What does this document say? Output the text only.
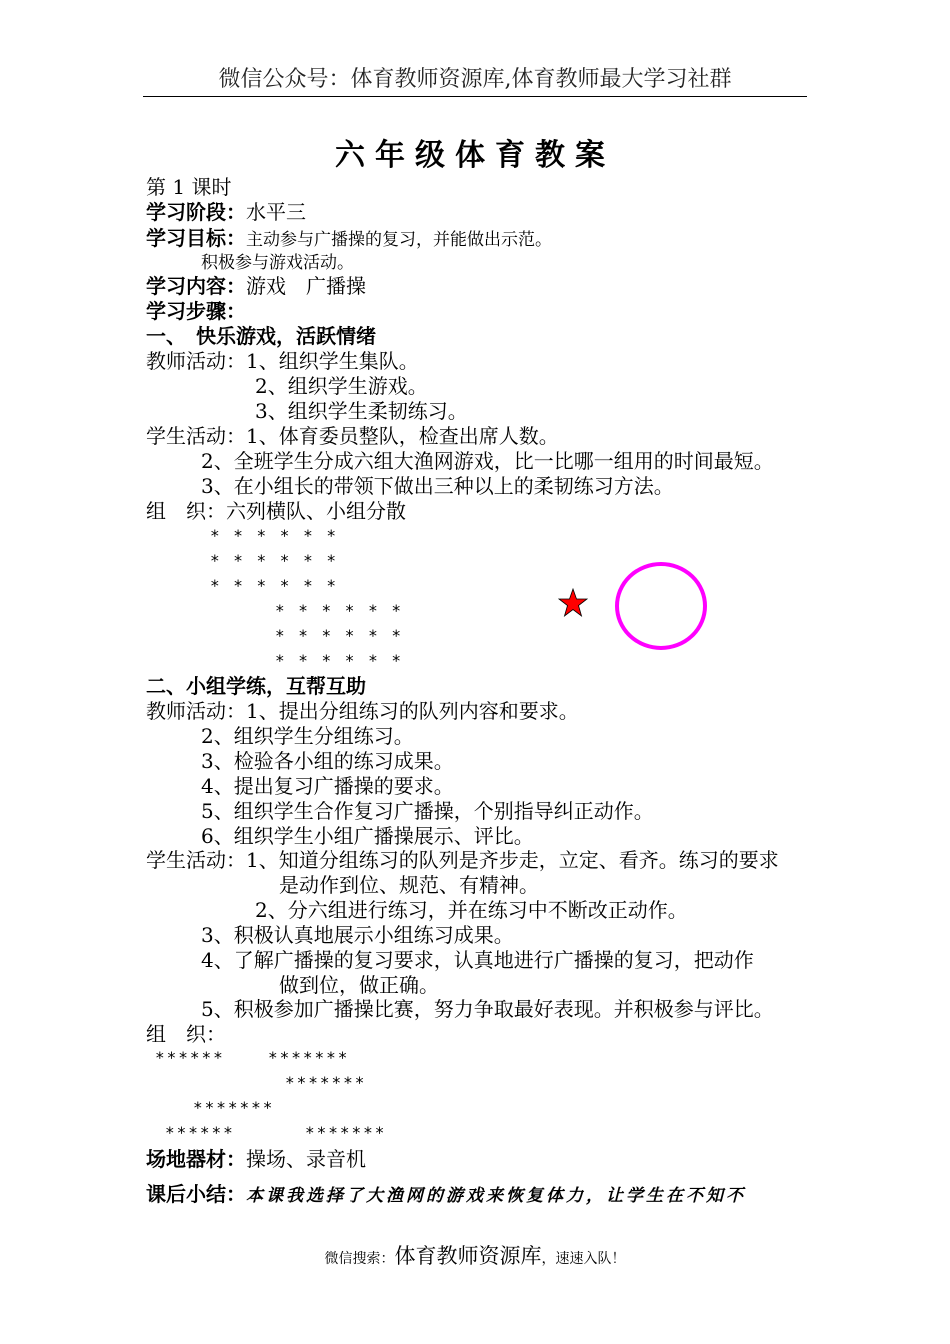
微信公众号：体育教师资源库,体育教师最大学习社群
六年级体育教案
第 1 课时
学习阶段：水平三
学习目标：主动参与广播操的复习，并能做出示范。
积极参与游戏活动。
学习内容：游戏　广播操
学习步骤：
一、　快乐游戏，活跃情绪
教师活动：1、组织学生集队。
2、组织学生游戏。
3、组织学生柔韧练习。
学生活动：1、体育委员整队，检查出席人数。
2、全班学生分成六组大渔网游戏，比一比哪一组用的时间最短。
3、在小组长的带领下做出三种以上的柔韧练习方法。
组　织：六列横队、小组分散
* * * * * *
* * * * * *
* * * * * *
* * * * * *
* * * * * *
* * * * * *
二、小组学练，互帮互助
教师活动：1、提出分组练习的队列内容和要求。
2、组织学生分组练习。
3、检验各小组的练习成果。
4、提出复习广播操的要求。
5、组织学生合作复习广播操，个别指导纠正动作。
6、组织学生小组广播操展示、评比。
学生活动：1、知道分组练习的队列是齐步走，立定、看齐。练习的要求
是动作到位、规范、有精神。
2、分六组进行练习，并在练习中不断改正动作。
3、积极认真地展示小组练习成果。
4、了解广播操的复习要求，认真地进行广播操的复习，把动作
做到位，做正确。
5、积极参加广播操比赛，努力争取最好表现。并积极参与评比。
组　织：
******	*******
*******
*******
******	*******
场地器材：操场、录音机
课后小结：本课我选择了大渔网的游戏来恢复体力，让学生在不知不
微信搜索：体育教师资源库，速速入队！
